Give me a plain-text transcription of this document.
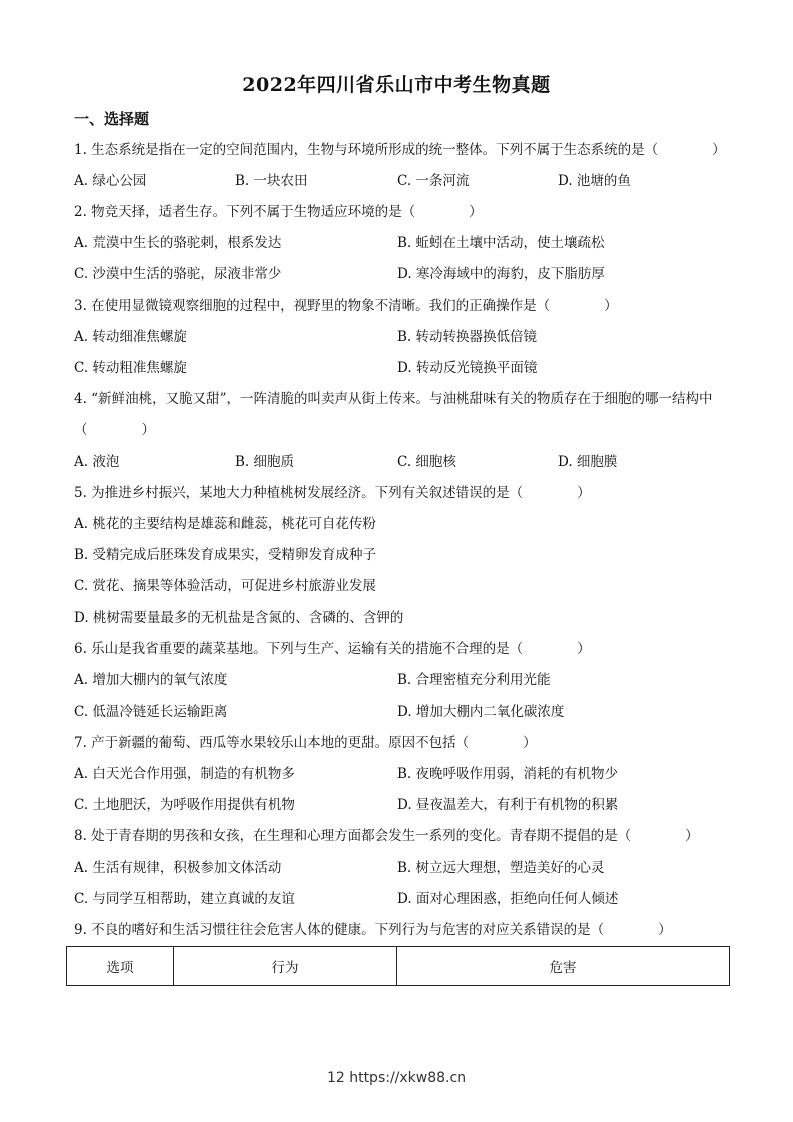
2022年四川省乐山市中考生物真题
一、选择题
1. 生态系统是指在一定的空间范围内，生物与环境所形成的统一整体。下列不属于生态系统的是（　　　　）
A. 绿心公园	B. 一块农田	C. 一条河流	D. 池塘的鱼
2. 物竞天择，适者生存。下列不属于生物适应环境的是（　　　　）
A. 荒漠中生长的骆驼刺，根系发达	B. 蚯蚓在土壤中活动，使土壤疏松
C. 沙漠中生活的骆驼，尿液非常少	D. 寒冷海域中的海豹，皮下脂肪厚
3. 在使用显微镜观察细胞的过程中，视野里的物象不清晰。我们的正确操作是（　　　　）
A. 转动细准焦螺旋	B. 转动转换器换低倍镜
C. 转动粗准焦螺旋	D. 转动反光镜换平面镜
4. “新鲜油桃，又脆又甜”，一阵清脆的叫卖声从街上传来。与油桃甜味有关的物质存在于细胞的哪一结构中
（　　　　）
A. 液泡	B. 细胞质	C. 细胞核	D. 细胞膜
5. 为推进乡村振兴，某地大力种植桃树发展经济。下列有关叙述错误的是（　　　　）
A. 桃花的主要结构是雄蕊和雌蕊，桃花可自花传粉
B. 受精完成后胚珠发育成果实，受精卵发育成种子
C. 赏花、摘果等体验活动，可促进乡村旅游业发展
D. 桃树需要量最多的无机盐是含氮的、含磷的、含钾的
6. 乐山是我省重要的蔬菜基地。下列与生产、运输有关的措施不合理的是（　　　　）
A. 增加大棚内的氧气浓度	B. 合理密植充分利用光能
C. 低温冷链延长运输距离	D. 增加大棚内二氧化碳浓度
7. 产于新疆的葡萄、西瓜等水果较乐山本地的更甜。原因不包括（　　　　）
A. 白天光合作用强，制造的有机物多	B. 夜晚呼吸作用弱，消耗的有机物少
C. 土地肥沃，为呼吸作用提供有机物	D. 昼夜温差大，有利于有机物的积累
8. 处于青春期的男孩和女孩，在生理和心理方面都会发生一系列的变化。青春期不提倡的是（　　　　）
A. 生活有规律，积极参加文体活动	B. 树立远大理想，塑造美好的心灵
C. 与同学互相帮助，建立真诚的友谊	D. 面对心理困惑，拒绝向任何人倾述
9. 不良的嗜好和生活习惯往往会危害人体的健康。下列行为与危害的对应关系错误的是（　　　　）
选项	行为	危害
12 https://xkw88.cn
